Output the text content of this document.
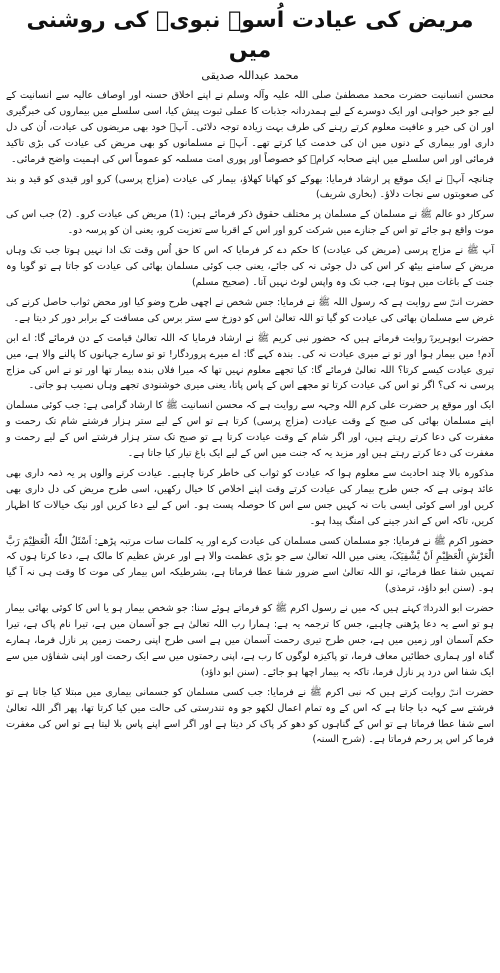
مریض کی عیادت اُسوہ نبویؐ کی روشنی میں
محمد عبداللہ صدیقی

محسن انسانیت حضرت محمد مصطفیٰ صلی اللہ علیہ وآلہ وسلم نے اپنے اخلاق حسنہ اور اوصاف عالیہ سے انسانیت کے لیے جو خیر خواہی اور ایک دوسرے کے لیے ہمدردانہ جذبات کا عملی ثبوت پیش کیا، اسی سلسلے میں بیماروں کی خبرگیری اور ان کی خیر و عافیت معلوم کرتے رہنے کی طرف بہت زیادہ توجہ دلائی۔ آپؐ خود بھی مریضوں کی عیادت، اُن کی دل داری اور بیماری کے دنوں میں ان کی خدمت کیا کرتے تھے۔ آپؐ نے مسلمانوں کو بھی مریض کی عیادت کی بڑی تاکید فرمائی اور اس سلسلے میں اپنے صحابہ کرامؓ کو خصوصاً اور پوری امت مسلمہ کو عموماً اس کی اہمیت واضح فرمائی۔

چنانچہ آپؐ نے ایک موقع پر ارشاد فرمایا: بھوکے کو کھانا کھلاؤ، بیمار کی عیادت (مزاج پرسی) کرو اور قیدی کو قید و بند کی صعوبتوں سے نجات دلاؤ۔ (بخاری شریف)

سرکار دو عالم ﷺ نے مسلمان کے مسلمان پر مختلف حقوق ذکر فرمائے ہیں: (1) مریض کی عیادت کرو۔ (2) جب اس کی موت واقع ہو جائے تو اس کے جنازے میں شرکت کرو اور اس کے اقربا سے تعزیت کرو، یعنی ان کو پرسہ دو۔

آپ ﷺ نے مزاج پرسی (مریض کی عیادت) کا حکم دے کر فرمایا کہ اس کا حق اُس وقت تک ادا نہیں ہوتا جب تک وہاں مریض کے سامنے بیٹھ کر اس کی دل جوئی نہ کی جائے، یعنی جب کوئی مسلمان بھائی کی عیادت کو جاتا ہے تو گویا وہ جنت کے باغات میں ہوتا ہے، جب تک وہ واپس لوٹ نہیں آتا۔ (صحیح مسلم)

حضرت انسؓ سے روایت ہے کہ رسول اللہ ﷺ نے فرمایا: جس شخص نے اچھی طرح وضو کیا اور محض ثواب حاصل کرنے کی غرض سے مسلمان بھائی کی عیادت کو گیا تو اللہ تعالیٰ اس کو دوزخ سے ستر برس کی مسافت کے برابر دور کر دیتا ہے۔

حضرت ابوہریرہؓ روایت فرماتے ہیں کہ حضور نبی کریم ﷺ نے ارشاد فرمایا کہ اللہ تعالیٰ قیامت کے دن فرمائے گا: اے ابن آدم! میں بیمار ہوا اور تو نے میری عیادت نہ کی۔ بندہ کہے گا: اے میرے پروردگار! تو تو سارے جہانوں کا پالنے والا ہے، میں تیری عیادت کیسے کرتا؟ اللہ تعالیٰ فرمائے گا: کیا تجھے معلوم نہیں تھا کہ میرا فلاں بندہ بیمار تھا اور تو نے اس کی مزاج پرسی نہ کی؟ اگر تو اس کی عیادت کرتا تو مجھے اس کے پاس پاتا، یعنی میری خوشنودی تجھے وہاں نصیب ہو جاتی۔

ایک اور موقع پر حضرت علی کرم اللہ وجہہ سے روایت ہے کہ محسن انسانیت ﷺ کا ارشاد گرامی ہے: جب کوئی مسلمان اپنے مسلمان بھائی کی صبح کے وقت عیادت (مزاج پرسی) کرتا ہے تو اس کے لیے ستر ہزار فرشتے شام تک رحمت و مغفرت کی دعا کرتے رہتے ہیں، اور اگر شام کے وقت عیادت کرتا ہے تو صبح تک ستر ہزار فرشتے اس کے لیے رحمت و مغفرت کی دعا کرتے رہتے ہیں اور مزید یہ کہ جنت میں اس کے لیے ایک باغ تیار کیا جاتا ہے۔

مذکورہ بالا چند احادیث سے معلوم ہوا کہ عیادت کو ثواب کی خاطر کرنا چاہیے۔ عیادت کرنے والوں پر یہ ذمہ داری بھی عائد ہوتی ہے کہ جس طرح بیمار کی عیادت کرتے وقت اپنے اخلاص کا خیال رکھیں، اسی طرح مریض کی دل داری بھی کریں اور اسے کوئی ایسی بات نہ کہیں جس سے اس کا حوصلہ پست ہو۔ اس کے لیے دعا کریں اور نیک خیالات کا اظہار کریں، تاکہ اس کے اندر جینے کی امنگ پیدا ہو۔

حضور اکرم ﷺ نے فرمایا: جو مسلمان کسی مسلمان کی عیادت کرے اور یہ کلمات سات مرتبہ پڑھے: اَسْئَلُ اللّٰہَ الْعَظِیْمَ رَبَّ الْعَرْشِ الْعَظِیْمِ اَنْ یَّشْفِیَکَ، یعنی میں اللہ تعالیٰ سے جو بڑی عظمت والا ہے اور عرش عظیم کا مالک ہے، دعا کرتا ہوں کہ تمہیں شفا عطا فرمائے، تو اللہ تعالیٰ اسے ضرور شفا عطا فرماتا ہے، بشرطیکہ اس بیمار کی موت کا وقت ہی نہ آ گیا ہو۔ (سنن ابو داؤد، ترمذی)

حضرت ابو الدرداءؓ کہتے ہیں کہ میں نے رسول اکرم ﷺ کو فرماتے ہوئے سنا: جو شخص بیمار ہو یا اس کا کوئی بھائی بیمار ہو تو اسے یہ دعا پڑھنی چاہیے، جس کا ترجمہ یہ ہے: ہمارا رب اللہ تعالیٰ ہے جو آسمان میں ہے، تیرا نام پاک ہے، تیرا حکم آسمان اور زمین میں ہے، جس طرح تیری رحمت آسمان میں ہے اسی طرح اپنی رحمت زمین پر نازل فرما، ہمارے گناہ اور ہماری خطائیں معاف فرما، تو پاکیزہ لوگوں کا رب ہے، اپنی رحمتوں میں سے ایک رحمت اور اپنی شفاؤں میں سے ایک شفا اس درد پر نازل فرما، تاکہ یہ بیمار اچھا ہو جائے۔ (سنن ابو داؤد)

حضرت انسؓ روایت کرتے ہیں کہ نبی اکرم ﷺ نے فرمایا: جب کسی مسلمان کو جسمانی بیماری میں مبتلا کیا جاتا ہے تو فرشتے سے کہہ دیا جاتا ہے کہ اس کے وہ تمام اعمال لکھو جو وہ تندرستی کی حالت میں کیا کرتا تھا، پھر اگر اللہ تعالیٰ اسے شفا عطا فرماتا ہے تو اس کے گناہوں کو دھو کر پاک کر دیتا ہے اور اگر اسے اپنے پاس بلا لیتا ہے تو اس کی مغفرت فرما کر اس پر رحم فرماتا ہے۔ (شرح السنہ)
